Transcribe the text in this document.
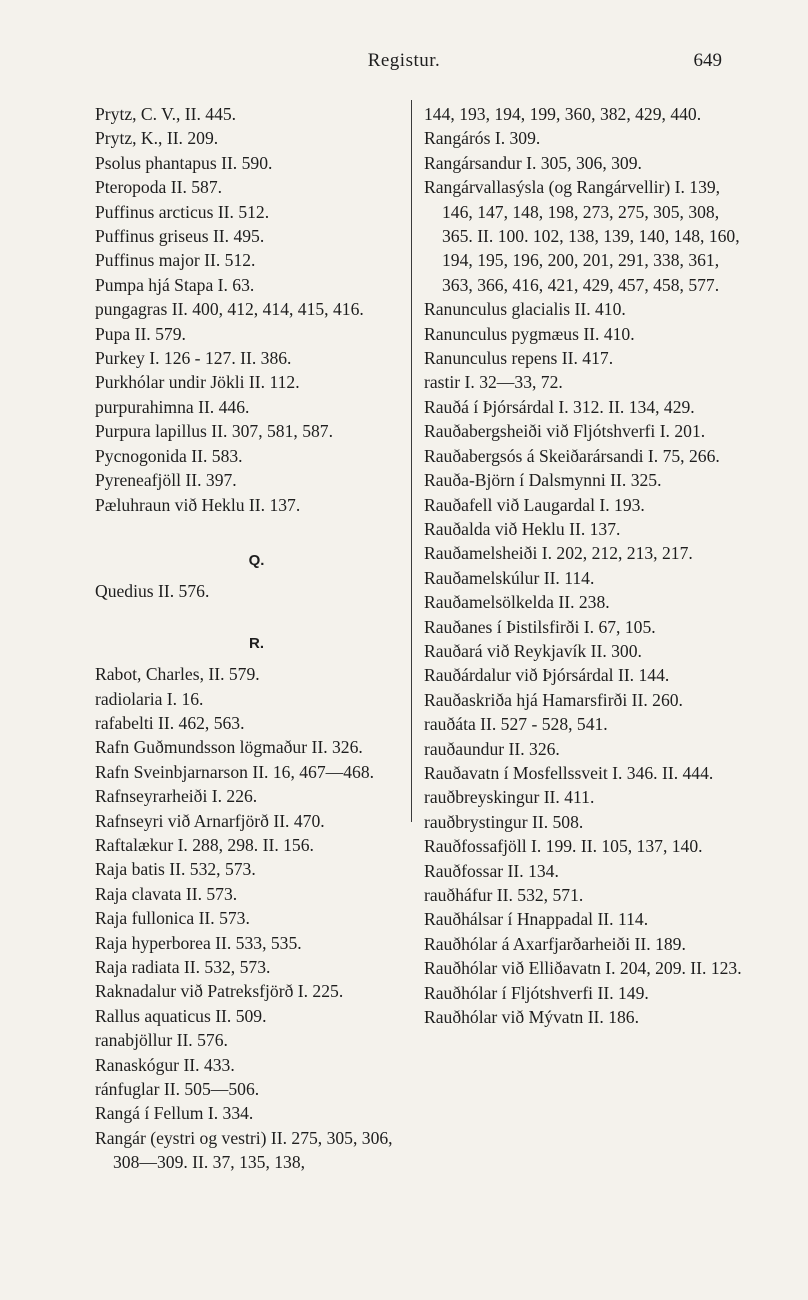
Registur.	649
Prytz, C. V., II. 445.
Prytz, K., II. 209.
Psolus phantapus II. 590.
Pteropoda II. 587.
Puffinus arcticus II. 512.
Puffinus griseus II. 495.
Puffinus major II. 512.
Pumpa hjá Stapa I. 63.
pungagras II. 400, 412, 414, 415, 416.
Pupa II. 579.
Purkey I. 126 - 127. II. 386.
Purkhólar undir Jökli II. 112.
purpurahimna II. 446.
Purpura lapillus II. 307, 581, 587.
Pycnogonida II. 583.
Pyreneafjöll II. 397.
Pæluhraun við Heklu II. 137.
Q.
Quedius II. 576.
R.
Rabot, Charles, II. 579.
radiolaria I. 16.
rafabelti II. 462, 563.
Rafn Guðmundsson lögmaður II. 326.
Rafn Sveinbjarnarson II. 16, 467—468.
Rafnseyrarheiði I. 226.
Rafnseyri við Arnarfjörð II. 470.
Raftalækur I. 288, 298. II. 156.
Raja batis II. 532, 573.
Raja clavata II. 573.
Raja fullonica II. 573.
Raja hyperborea II. 533, 535.
Raja radiata II. 532, 573.
Raknadalur við Patreksfjörð I. 225.
Rallus aquaticus II. 509.
ranabjöllur II. 576.
Ranaskógur II. 433.
ránfuglar II. 505—506.
Rangá í Fellum I. 334.
Rangár (eystri og vestri) II. 275, 305, 306, 308—309. II. 37, 135, 138,
144, 193, 194, 199, 360, 382, 429, 440.
Rangárós I. 309.
Rangársandur I. 305, 306, 309.
Rangárvallasýsla (og Rangárvellir) I. 139, 146, 147, 148, 198, 273, 275, 305, 308, 365. II. 100. 102, 138, 139, 140, 148, 160, 194, 195, 196, 200, 201, 291, 338, 361, 363, 366, 416, 421, 429, 457, 458, 577.
Ranunculus glacialis II. 410.
Ranunculus pygmæus II. 410.
Ranunculus repens II. 417.
rastir I. 32—33, 72.
Rauðá í Þjórsárdal I. 312. II. 134, 429.
Rauðabergsheiði við Fljótshverfi I. 201.
Rauðabergsós á Skeiðarársandi I. 75, 266.
Rauða-Björn í Dalsmynni II. 325.
Rauðafell við Laugardal I. 193.
Rauðalda við Heklu II. 137.
Rauðamelsheiði I. 202, 212, 213, 217.
Rauðamelskúlur II. 114.
Rauðamelsölkelda II. 238.
Rauðanes í Þistilsfirði I. 67, 105.
Rauðará við Reykjavík II. 300.
Rauðárdalur við Þjórsárdal II. 144.
Rauðaskriða hjá Hamarsfirði II. 260.
rauðáta II. 527 - 528, 541.
rauðaundur II. 326.
Rauðavatn í Mosfellssveit I. 346. II. 444.
rauðbreyskingur II. 411.
rauðbrystingur II. 508.
Rauðfossafjöll I. 199. II. 105, 137, 140.
Rauðfossar II. 134.
rauðháfur II. 532, 571.
Rauðhálsar í Hnappadal II. 114.
Rauðhólar á Axarfjarðarheiði II. 189.
Rauðhólar við Elliðavatn I. 204, 209. II. 123.
Rauðhólar í Fljótshverfi II. 149.
Rauðhólar við Mývatn II. 186.
